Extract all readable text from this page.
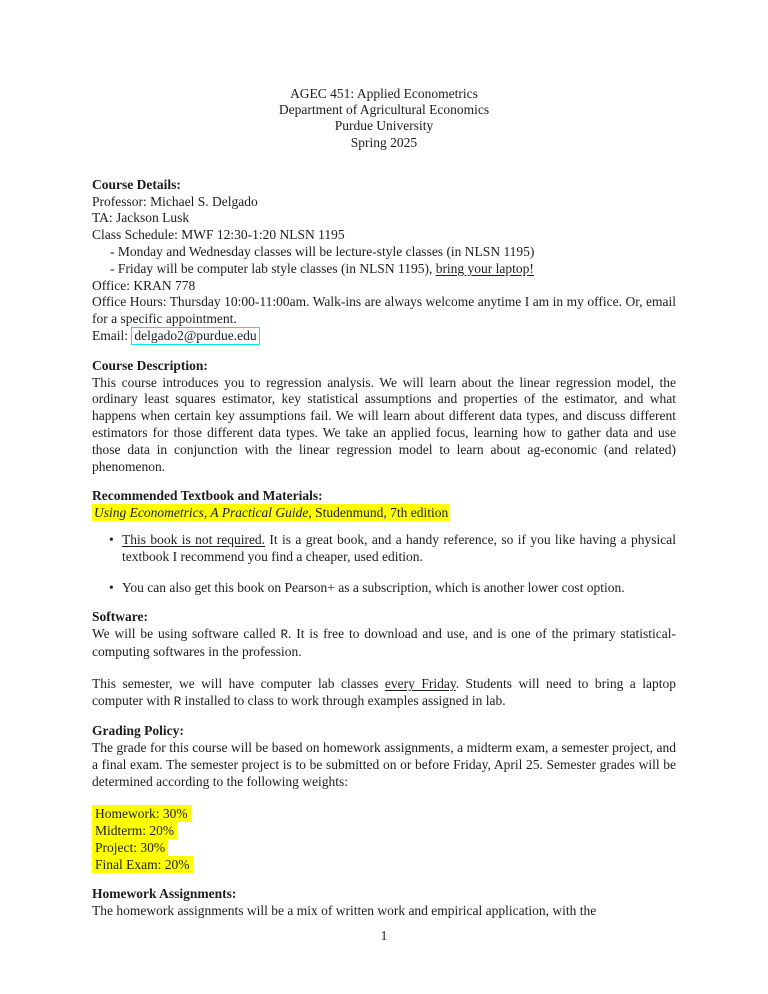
AGEC 451: Applied Econometrics
Department of Agricultural Economics
Purdue University
Spring 2025
Course Details:
Professor: Michael S. Delgado
TA: Jackson Lusk
Class Schedule: MWF 12:30-1:20 NLSN 1195
- Monday and Wednesday classes will be lecture-style classes (in NLSN 1195)
- Friday will be computer lab style classes (in NLSN 1195), bring your laptop!
Office: KRAN 778

Office Hours: Thursday 10:00-11:00am. Walk-ins are always welcome anytime I am in my office. Or, email for a specific appointment.

Email: delgado2@purdue.edu
Course Description:

This course introduces you to regression analysis. We will learn about the linear regression model, the ordinary least squares estimator, key statistical assumptions and properties of the estimator, and what happens when certain key assumptions fail. We will learn about different data types, and discuss different estimators for those different data types. We take an applied focus, learning how to gather data and use those data in conjunction with the linear regression model to learn about ag-economic (and related) phenomenon.

Recommended Textbook and Materials:
Using Econometrics, A Practical Guide, Studenmund, 7th edition
• This book is not required. It is a great book, and a handy reference, so if you like having a physical textbook I recommend you find a cheaper, used edition.
• You can also get this book on Pearson+ as a subscription, which is another lower cost option.
Software:

We will be using software called R. It is free to download and use, and is one of the primary statistical-computing softwares in the profession.

This semester, we will have computer lab classes every Friday. Students will need to bring a laptop computer with R installed to class to work through examples assigned in lab.

Grading Policy:

The grade for this course will be based on homework assignments, a midterm exam, a semester project, and a final exam. The semester project is to be submitted on or before Friday, April 25. Semester grades will be determined according to the following weights:

Homework: 30%
Midterm: 20%
Project: 30%
Final Exam: 20%
Homework Assignments:

The homework assignments will be a mix of written work and empirical application, with the

1
